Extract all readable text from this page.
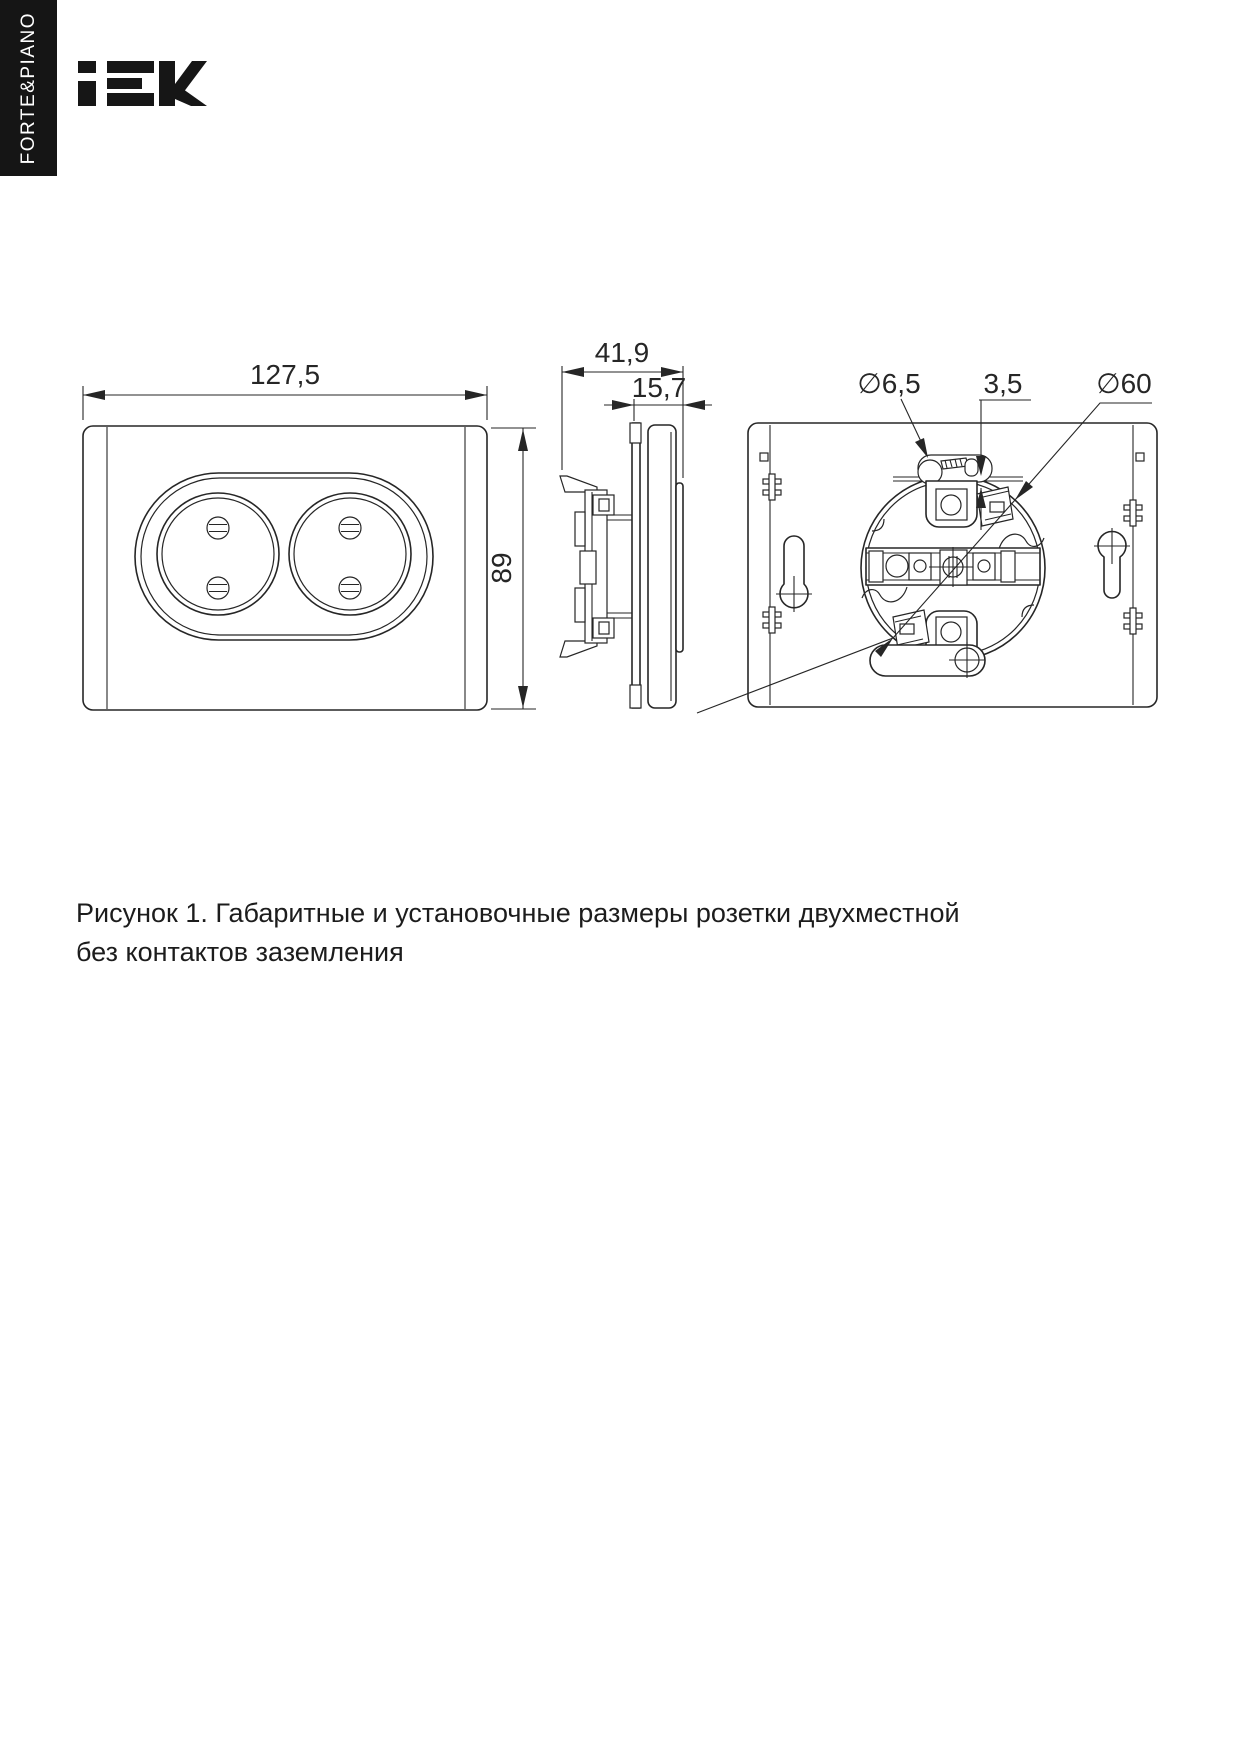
FORTE&PIANO
127,5
89
41,9
15,7	∅6,5 3,5	∅60
Рисунок 1. Габаритные и установочные размеры розетки двухместной без контактов заземления
